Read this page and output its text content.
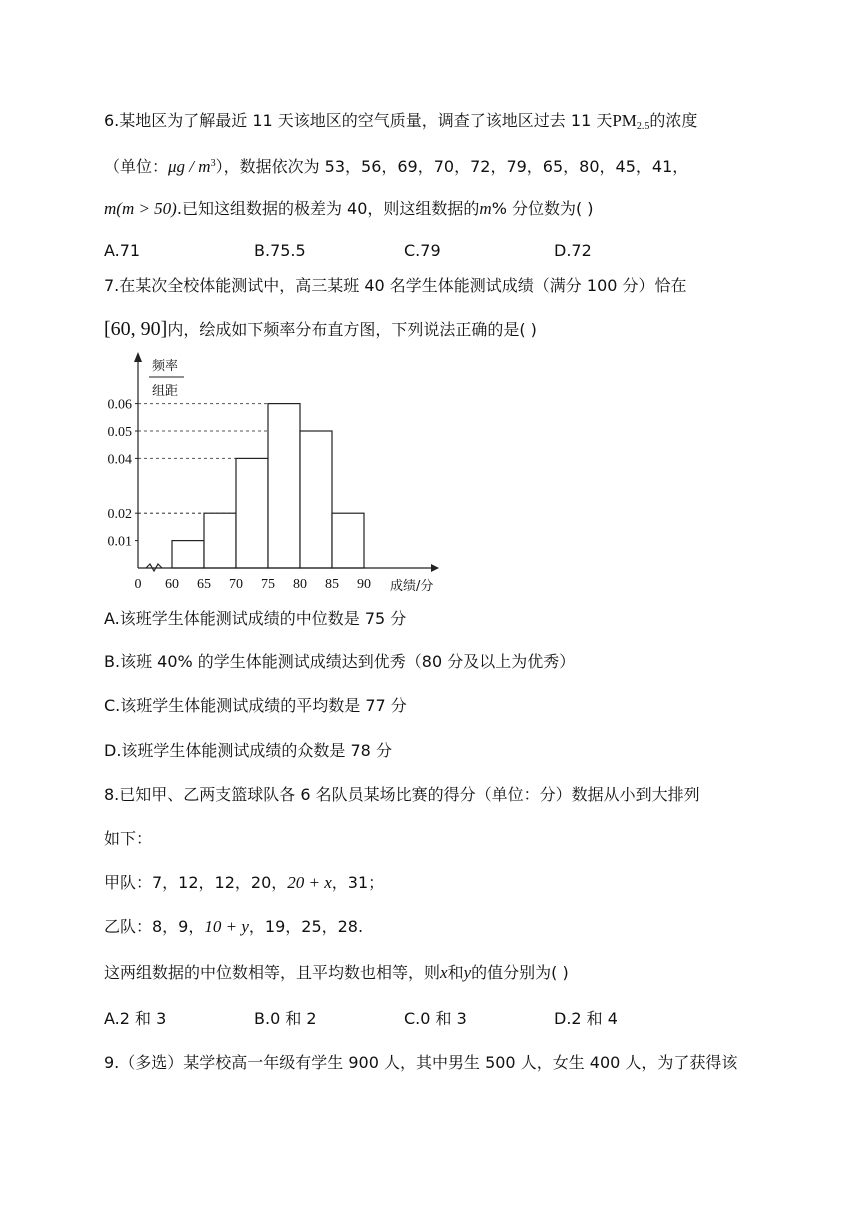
6.某地区为了解最近 11 天该地区的空气质量，调查了该地区过去 11 天$PM_{2.5}$的浓度
（单位：μg / $m^3$），数据依次为 53，56，69，70，72，79，65，80，45，41，
m(m > 50).已知这组数据的极差为 40，则这组数据的m% 分位数为( )
A.71	B.75.5	C.79	D.72
7.在某次全校体能测试中，高三某班 40 名学生体能测试成绩（满分 100 分）恰在
[60, 90]内，绘成如下频率分布直方图，下列说法正确的是( )
0.01
0.02
0.04
0.05
0.06
频率
组距
0 60 65 70 75 80 85 90 成绩/分
A.该班学生体能测试成绩的中位数是 75 分
B.该班 40% 的学生体能测试成绩达到优秀（80 分及以上为优秀）
C.该班学生体能测试成绩的平均数是 77 分
D.该班学生体能测试成绩的众数是 78 分
8.已知甲、乙两支篮球队各 6 名队员某场比赛的得分（单位：分）数据从小到大排列
如下：
甲队：7，12，12，20，20 + x，31；
乙队：8，9，10 + y，19，25，28.
这两组数据的中位数相等，且平均数也相等，则x和y的值分别为( )
A.2 和 3	B.0 和 2	C.0 和 3	D.2 和 4
9.（多选）某学校高一年级有学生 900 人，其中男生 500 人，女生 400 人，为了获得该
